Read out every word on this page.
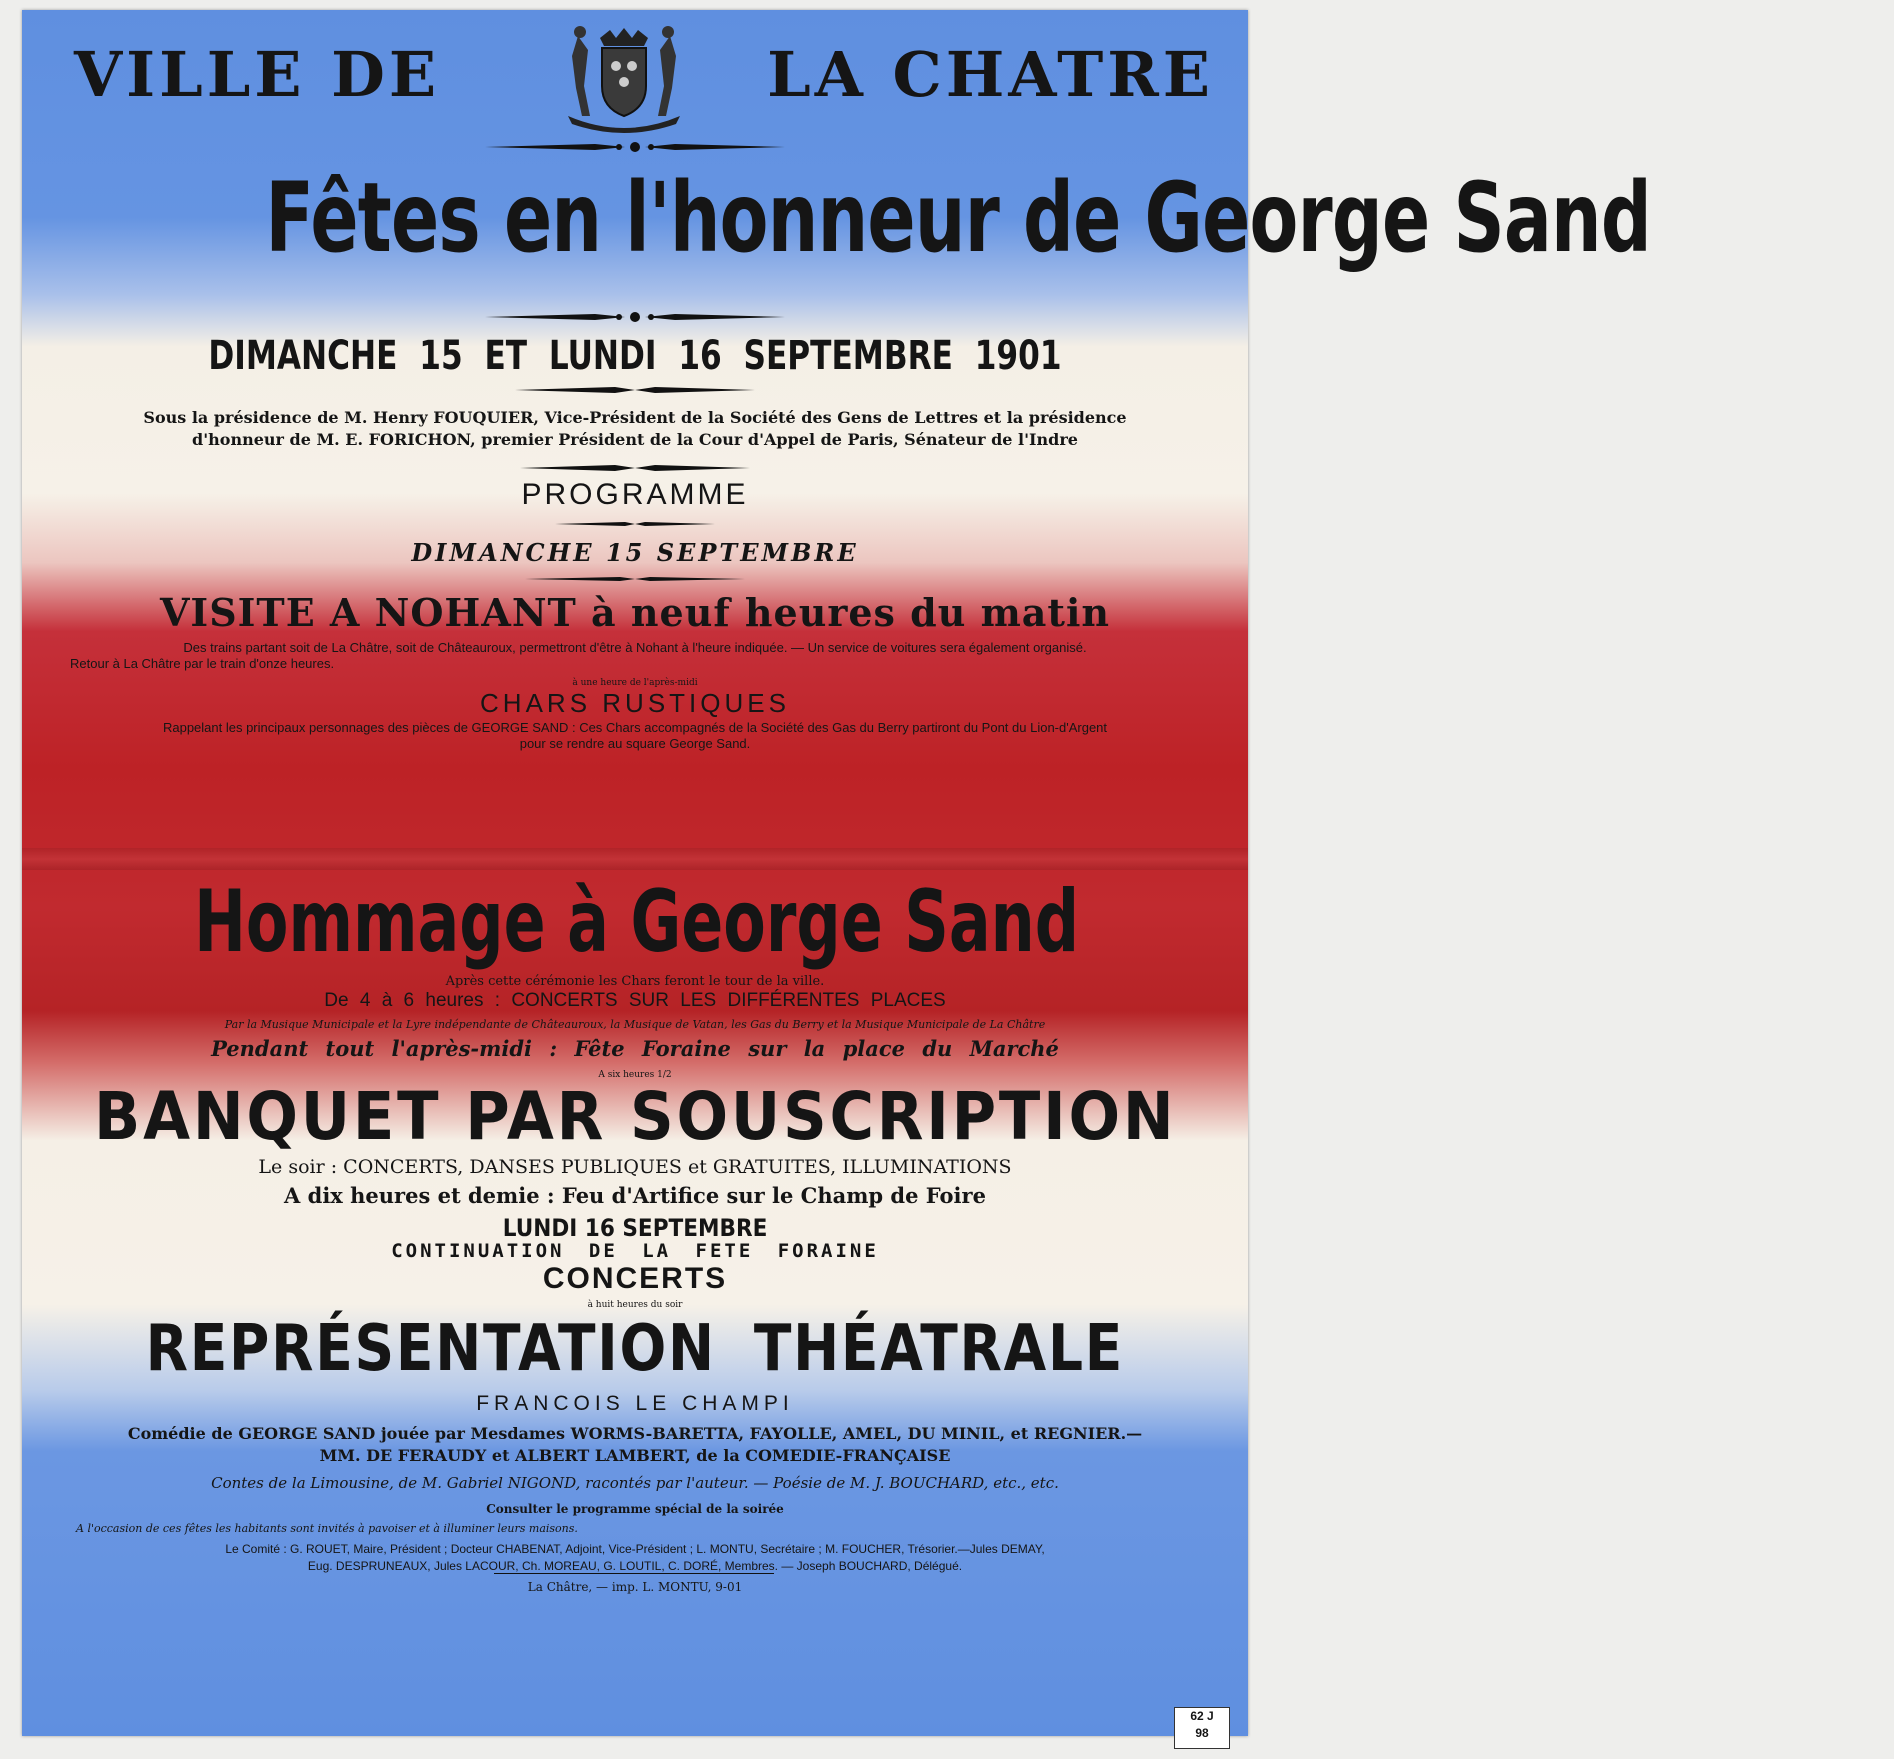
VILLE DE	LA CHATRE
Fêtes en l'honneur de George Sand
DIMANCHE 15 ET LUNDI 16 SEPTEMBRE 1901
Sous la présidence de M. Henry FOUQUIER, Vice-Président de la Société des Gens de Lettres et la présidence
d'honneur de M. E. FORICHON, premier Président de la Cour d'Appel de Paris, Sénateur de l'Indre
PROGRAMME
DIMANCHE 15 SEPTEMBRE
VISITE A NOHANT à neuf heures du matin
Des trains partant soit de La Châtre, soit de Châteauroux, permettront d'être à Nohant à l'heure indiquée. — Un service de voitures sera également organisé.
Retour à La Châtre par le train d'onze heures.
à une heure de l'après-midi
CHARS RUSTIQUES
Rappelant les principaux personnages des pièces de GEORGE SAND : Ces Chars accompagnés de la Société des Gas du Berry partiront du Pont du Lion-d'Argent
pour se rendre au square George Sand.
Hommage à George Sand
Après cette cérémonie les Chars feront le tour de la ville.
De 4 à 6 heures : CONCERTS SUR LES DIFFÉRENTES PLACES
Par la Musique Municipale et la Lyre indépendante de Châteauroux, la Musique de Vatan, les Gas du Berry et la Musique Municipale de La Châtre
Pendant tout l'après-midi : Fête Foraine sur la place du Marché
A six heures 1/2
BANQUET PAR SOUSCRIPTION
Le soir : CONCERTS, DANSES PUBLIQUES et GRATUITES, ILLUMINATIONS
A dix heures et demie : Feu d'Artifice sur le Champ de Foire
LUNDI 16 SEPTEMBRE
CONTINUATION DE LA FETE FORAINE
CONCERTS
à huit heures du soir
REPRÉSENTATION THÉATRALE
FRANCOIS LE CHAMPI
Comédie de GEORGE SAND jouée par Mesdames WORMS-BARETTA, FAYOLLE, AMEL, DU MINIL, et REGNIER.—
MM. DE FERAUDY et ALBERT LAMBERT, de la COMEDIE-FRANÇAISE
Contes de la Limousine, de M. Gabriel NIGOND, racontés par l'auteur. — Poésie de M. J. BOUCHARD, etc., etc.
Consulter le programme spécial de la soirée
A l'occasion de ces fêtes les habitants sont invités à pavoiser et à illuminer leurs maisons.
Le Comité : G. ROUET, Maire, Président ; Docteur CHABENAT, Adjoint, Vice-Président ; L. MONTU, Secrétaire ; M. FOUCHER, Trésorier.—Jules DEMAY,
Eug. DESPRUNEAUX, Jules LACOUR, Ch. MOREAU, G. LOUTIL, C. DORÉ, Membres. — Joseph BOUCHARD, Délégué.
La Châtre, — imp. L. MONTU, 9-01
62 J
98
